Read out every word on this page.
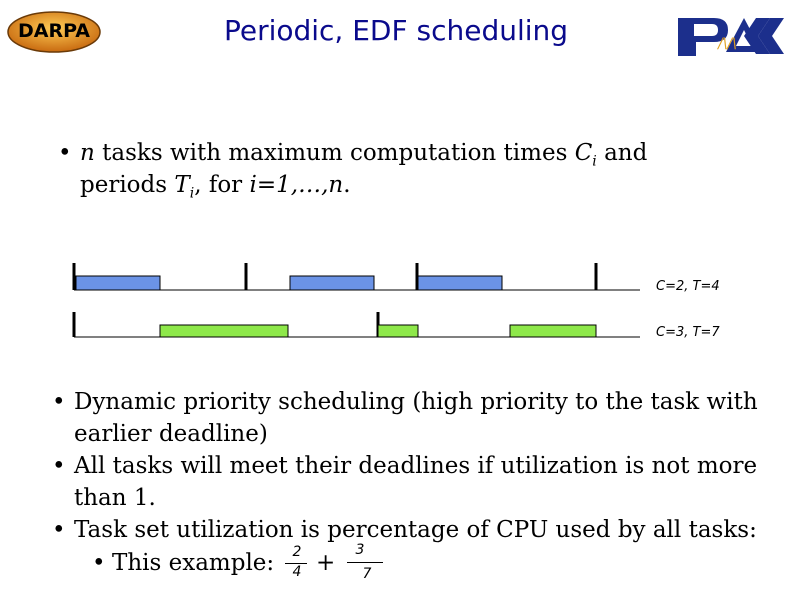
DARPA	Periodic, EDF scheduling	/\/\
• n tasks with maximum computation times $C_i$ and
periods $T_i$, for i=1,…,n.
C=2, T=4
C=3, T=7
• Dynamic priority scheduling (high priority to the task with
earlier deadline)
• All tasks will meet their deadlines if utilization is not more
than 1.
• Task set utilization is percentage of CPU used by all tasks:
• This example: 2
4 + 3
7
